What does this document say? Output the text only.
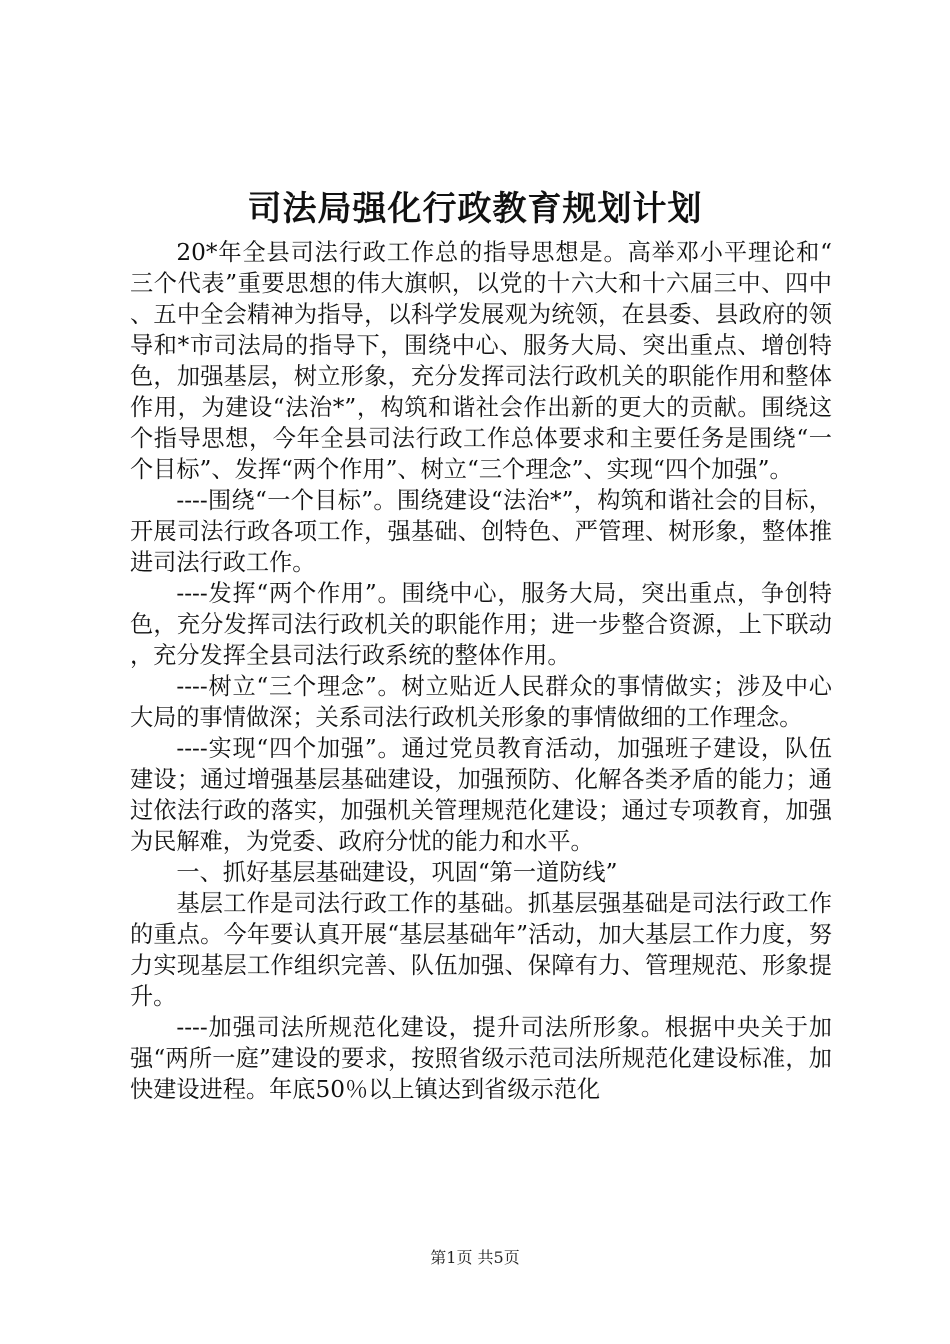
司法局强化行政教育规划计划

20*年全县司法行政工作总的指导思想是。高举邓小平理论和“三个代表”重要思想的伟大旗帜，以党的十六大和十六届三中、四中、五中全会精神为指导，以科学发展观为统领，在县委、县政府的领导和*市司法局的指导下，围绕中心、服务大局、突出重点、增创特色，加强基层，树立形象，充分发挥司法行政机关的职能作用和整体作用，为建设“法治*”，构筑和谐社会作出新的更大的贡献。围绕这个指导思想，今年全县司法行政工作总体要求和主要任务是围绕“一个目标”、发挥“两个作用”、树立“三个理念”、实现“四个加强”。

----围绕“一个目标”。围绕建设“法治*”，构筑和谐社会的目标，开展司法行政各项工作，强基础、创特色、严管理、树形象，整体推进司法行政工作。

----发挥“两个作用”。围绕中心，服务大局，突出重点，争创特色，充分发挥司法行政机关的职能作用；进一步整合资源，上下联动，充分发挥全县司法行政系统的整体作用。

----树立“三个理念”。树立贴近人民群众的事情做实；涉及中心大局的事情做深；关系司法行政机关形象的事情做细的工作理念。

----实现“四个加强”。通过党员教育活动，加强班子建设，队伍建设；通过增强基层基础建设，加强预防、化解各类矛盾的能力；通过依法行政的落实，加强机关管理规范化建设；通过专项教育，加强为民解难，为党委、政府分忧的能力和水平。

一、抓好基层基础建设，巩固“第一道防线”

基层工作是司法行政工作的基础。抓基层强基础是司法行政工作的重点。今年要认真开展“基层基础年”活动，加大基层工作力度，努力实现基层工作组织完善、队伍加强、保障有力、管理规范、形象提升。

----加强司法所规范化建设，提升司法所形象。根据中央关于加强“两所一庭”建设的要求，按照省级示范司法所规范化建设标准，加快建设进程。年底50％以上镇达到省级示范化

第1页 共5页
